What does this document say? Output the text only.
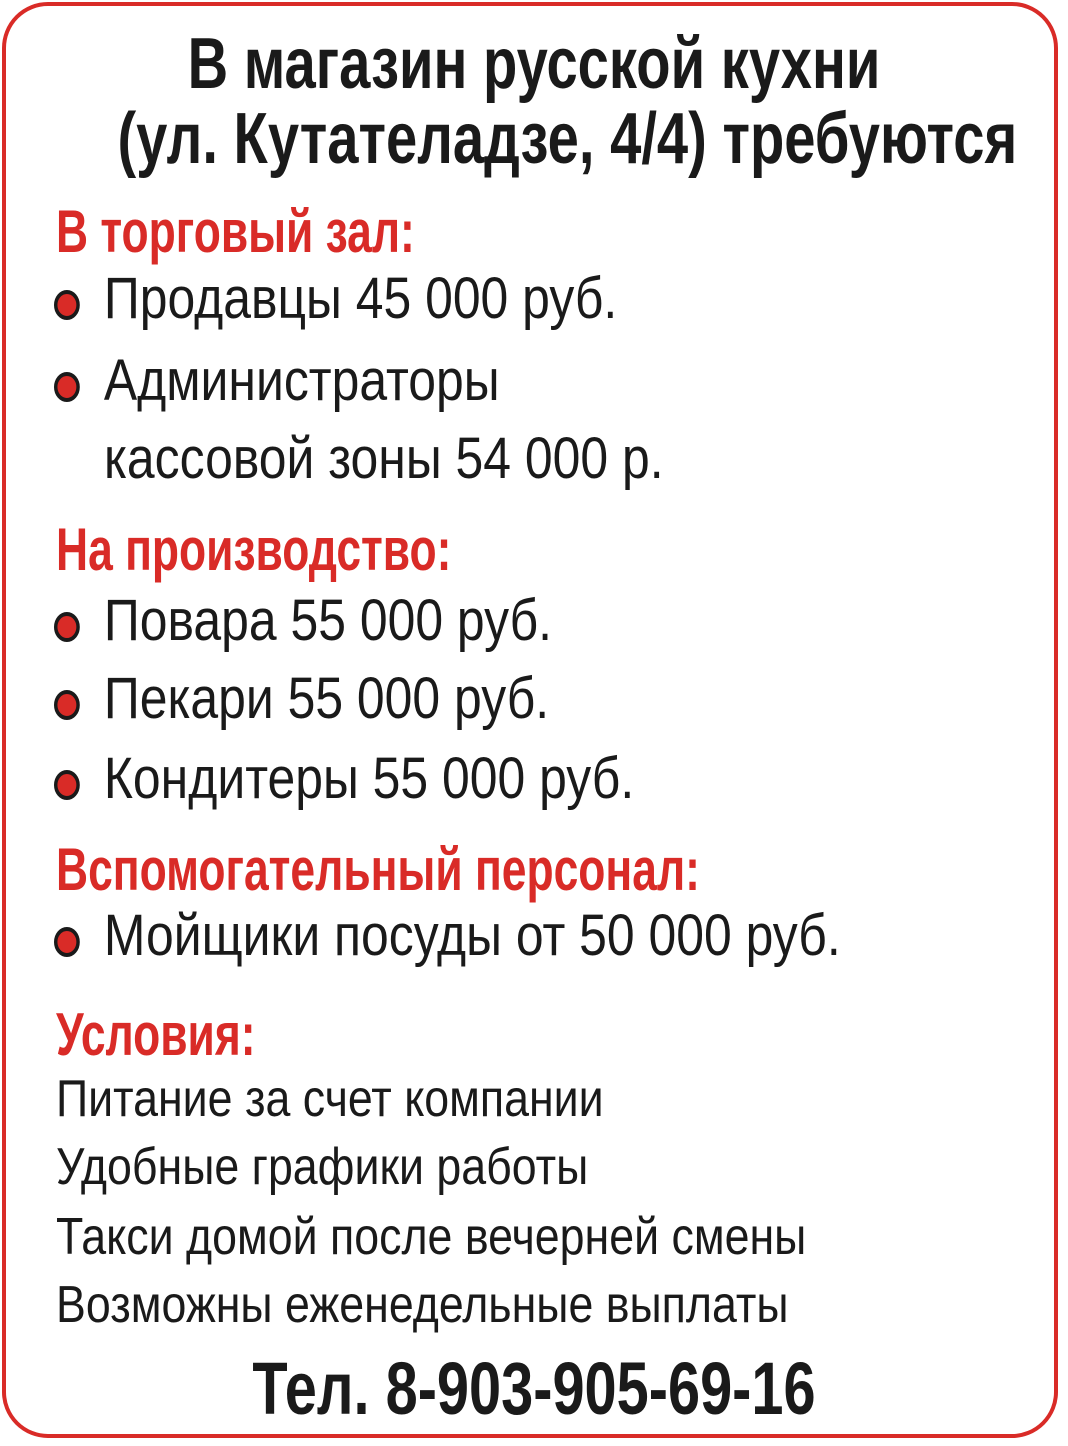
В магазин русской кухни
(ул. Кутателадзе, 4/4) требуются
В торговый зал:
Продавцы 45 000 руб.
Администраторы
кассовой зоны 54 000 р.
На производство:
Повара 55 000 руб.
Пекари 55 000 руб.
Кондитеры 55 000 руб.
Вспомогательный персонал:
Мойщики посуды от 50 000 руб.
Условия:
Питание за счет компании
Удобные графики работы
Такси домой после вечерней смены
Возможны еженедельные выплаты
Тел. 8-903-905-69-16
